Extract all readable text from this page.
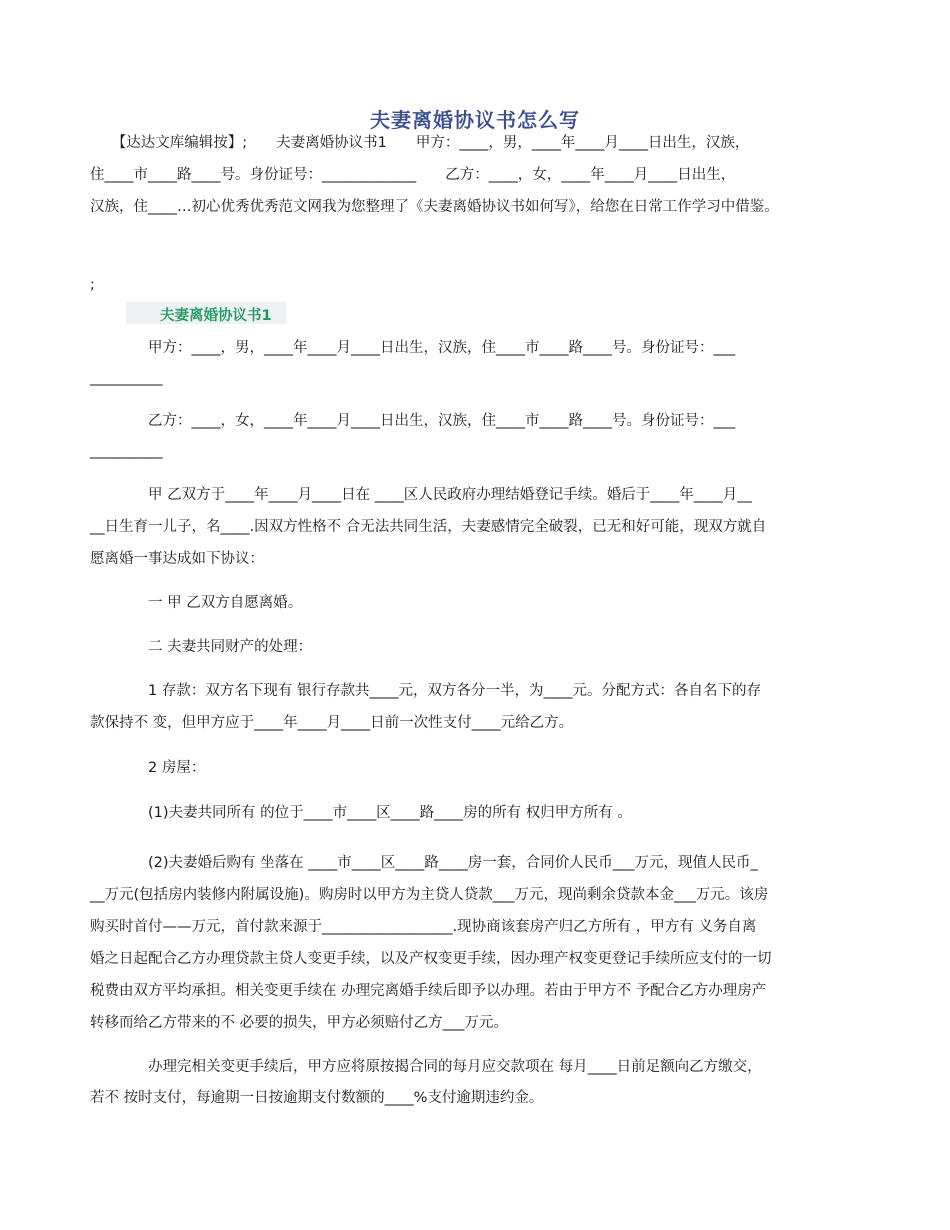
夫妻离婚协议书怎么写
　　【达达文库编辑按】;　　夫妻离婚协议书1　　甲方：____，男，____年____月____日出生，汉族，
住____市____路____号。身份证号：_____________　　乙方：____，女，____年____月____日出生，
汉族，住____…初心优秀优秀范文网我为您整理了《夫妻离婚协议书如何写》，给您在日常工作学习中借鉴。
;
夫妻离婚协议书1
　　　　甲方：____，男，____年____月____日出生，汉族，住____市____路____号。身份证号：___
__________
　　　　乙方：____，女，____年____月____日出生，汉族，住____市____路____号。身份证号：___
__________
　　　　甲 乙双方于____年____月____日在 ____区人民政府办理结婚登记手续。婚后于____年____月__
__日生育一儿子，名____.因双方性格不 合无法共同生活，夫妻感情完全破裂，已无和好可能，现双方就自
愿离婚一事达成如下协议：
　　　　一 甲 乙双方自愿离婚。
　　　　二 夫妻共同财产的处理：
　　　　1 存款：双方名下现有 银行存款共____元，双方各分一半，为____元。分配方式：各自名下的存
款保持不 变，但甲方应于____年____月____日前一次性支付____元给乙方。
　　　　2 房屋：
　　　　(1)夫妻共同所有 的位于____市____区____路____房的所有 权归甲方所有 。
　　　　(2)夫妻婚后购有 坐落在 ____市____区____路____房一套，合同价人民币___万元，现值人民币_
__万元(包括房内装修内附属设施)。购房时以甲方为主贷人贷款___万元，现尚剩余贷款本金___万元。该房
购买时首付——万元，首付款来源于__________________.现协商该套房产归乙方所有 ，甲方有 义务自离
婚之日起配合乙方办理贷款主贷人变更手续，以及产权变更手续，因办理产权变更登记手续所应支付的一切
税费由双方平均承担。相关变更手续在 办理完离婚手续后即予以办理。若由于甲方不 予配合乙方办理房产
转移而给乙方带来的不 必要的损失，甲方必须赔付乙方___万元。
　　　　办理完相关变更手续后，甲方应将原按揭合同的每月应交款项在 每月____日前足额向乙方缴交，
若不 按时支付，每逾期一日按逾期支付数额的____%支付逾期违约金。
